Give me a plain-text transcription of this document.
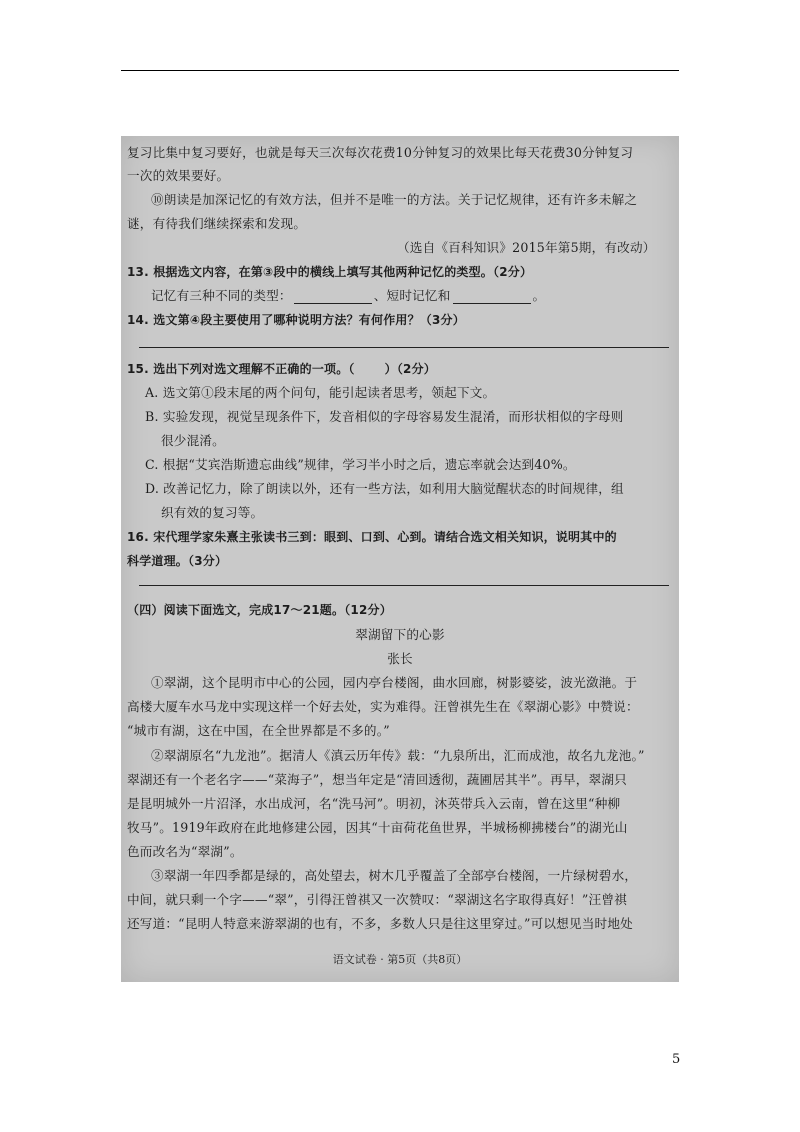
复习比集中复习要好，也就是每天三次每次花费10分钟复习的效果比每天花费30分钟复习
一次的效果要好。
⑩朗读是加深记忆的有效方法，但并不是唯一的方法。关于记忆规律，还有许多未解之
谜，有待我们继续探索和发现。
（选自《百科知识》2015年第5期，有改动）
13. 根据选文内容，在第③段中的横线上填写其他两种记忆的类型。（2分）
记忆有三种不同的类型：	、短时记忆和	。
14. 选文第④段主要使用了哪种说明方法？有何作用？（3分）
15. 选出下列对选文理解不正确的一项。（	）（2分）
A. 选文第①段末尾的两个问句，能引起读者思考，领起下文。
B. 实验发现，视觉呈现条件下，发音相似的字母容易发生混淆，而形状相似的字母则
很少混淆。
C. 根据“艾宾浩斯遗忘曲线”规律，学习半小时之后，遗忘率就会达到40%。
D. 改善记忆力，除了朗读以外，还有一些方法，如利用大脑觉醒状态的时间规律，组
织有效的复习等。
16. 宋代理学家朱熹主张读书三到：眼到、口到、心到。请结合选文相关知识，说明其中的
科学道理。（3分）
（四）阅读下面选文，完成17～21题。（12分）
翠湖留下的心影
张长
①翠湖，这个昆明市中心的公园，园内亭台楼阁，曲水回廊，树影婆娑，波光潋滟。于
高楼大厦车水马龙中实现这样一个好去处，实为难得。汪曾祺先生在《翠湖心影》中赞说：
“城市有湖，这在中国，在全世界都是不多的。”
②翠湖原名“九龙池”。据清人《滇云历年传》载：“九泉所出，汇而成池，故名九龙池。”
翠湖还有一个老名字——“菜海子”，想当年定是“清回透彻，蔬圃居其半”。再早，翠湖只
是昆明城外一片沼泽，水出成河，名“洗马河”。明初，沐英带兵入云南，曾在这里“种柳
牧马”。1919年政府在此地修建公园，因其“十亩荷花鱼世界，半城杨柳拂楼台”的湖光山
色而改名为“翠湖”。
③翠湖一年四季都是绿的，高处望去，树木几乎覆盖了全部亭台楼阁，一片绿树碧水，
中间，就只剩一个字——“翠”，引得汪曾祺又一次赞叹：“翠湖这名字取得真好！”汪曾祺
还写道：“昆明人特意来游翠湖的也有，不多，多数人只是往这里穿过。”可以想见当时地处
语文试卷 · 第5页（共8页）
5
